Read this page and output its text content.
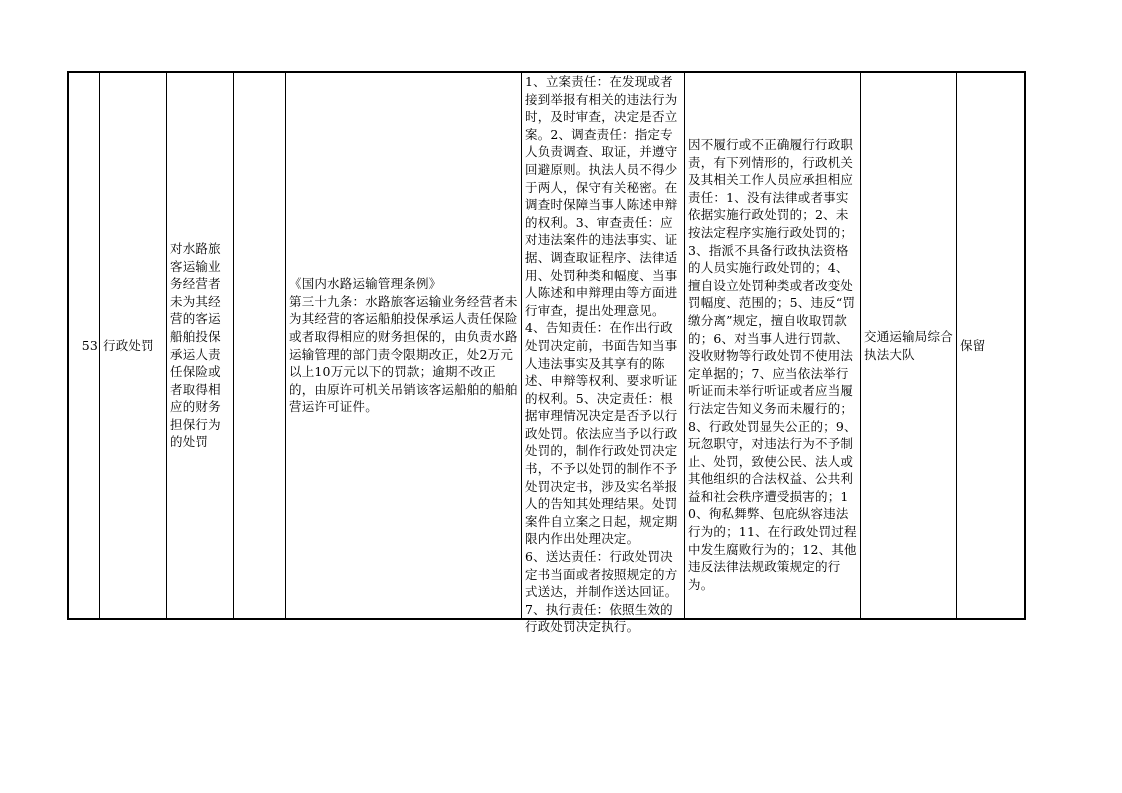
53 行政处罚
对水路旅客运输业务经营者未为其经营的客运船舶投保承运人责任保险或者取得相应的财务担保行为的处罚
《国内水路运输管理条例》
第三十九条：水路旅客运输业务经营者未为其经营的客运船舶投保承运人责任保险或者取得相应的财务担保的，由负责水路运输管理的部门责令限期改正，处2万元以上10万元以下的罚款；逾期不改正的，由原许可机关吊销该客运船舶的船舶营运许可证件。
1、立案责任：在发现或者接到举报有相关的违法行为时，及时审查，决定是否立案。2、调查责任：指定专人负责调查、取证，并遵守回避原则。执法人员不得少于两人，保守有关秘密。在调查时保障当事人陈述申辩的权利。3、审查责任：应对违法案件的违法事实、证据、调查取证程序、法律适用、处罚种类和幅度、当事人陈述和申辩理由等方面进行审查，提出处理意见。4、告知责任：在作出行政处罚决定前，书面告知当事人违法事实及其享有的陈述、申辩等权利、要求听证的权利。5、决定责任：根据审理情况决定是否予以行政处罚。依法应当予以行政处罚的，制作行政处罚决定书，不予以处罚的制作不予处罚决定书，涉及实名举报人的告知其处理结果。处罚案件自立案之日起，规定期限内作出处理决定。
6、送达责任：行政处罚决定书当面或者按照规定的方式送达，并制作送达回证。7、执行责任：依照生效的行政处罚决定执行。
因不履行或不正确履行行政职责，有下列情形的，行政机关及其相关工作人员应承担相应责任：1、没有法律或者事实依据实施行政处罚的；2、未按法定程序实施行政处罚的；3、指派不具备行政执法资格的人员实施行政处罚的；4、擅自设立处罚种类或者改变处罚幅度、范围的；5、违反“罚缴分离”规定，擅自收取罚款的；6、对当事人进行罚款、没收财物等行政处罚不使用法定单据的；7、应当依法举行听证而未举行听证或者应当履行法定告知义务而未履行的；8、行政处罚显失公正的；9、玩忽职守，对违法行为不予制止、处罚，致使公民、法人或其他组织的合法权益、公共利益和社会秩序遭受损害的；10、徇私舞弊、包庇纵容违法行为的；11、在行政处罚过程中发生腐败行为的；12、其他违反法律法规政策规定的行为。
交通运输局综合执法大队
保留
